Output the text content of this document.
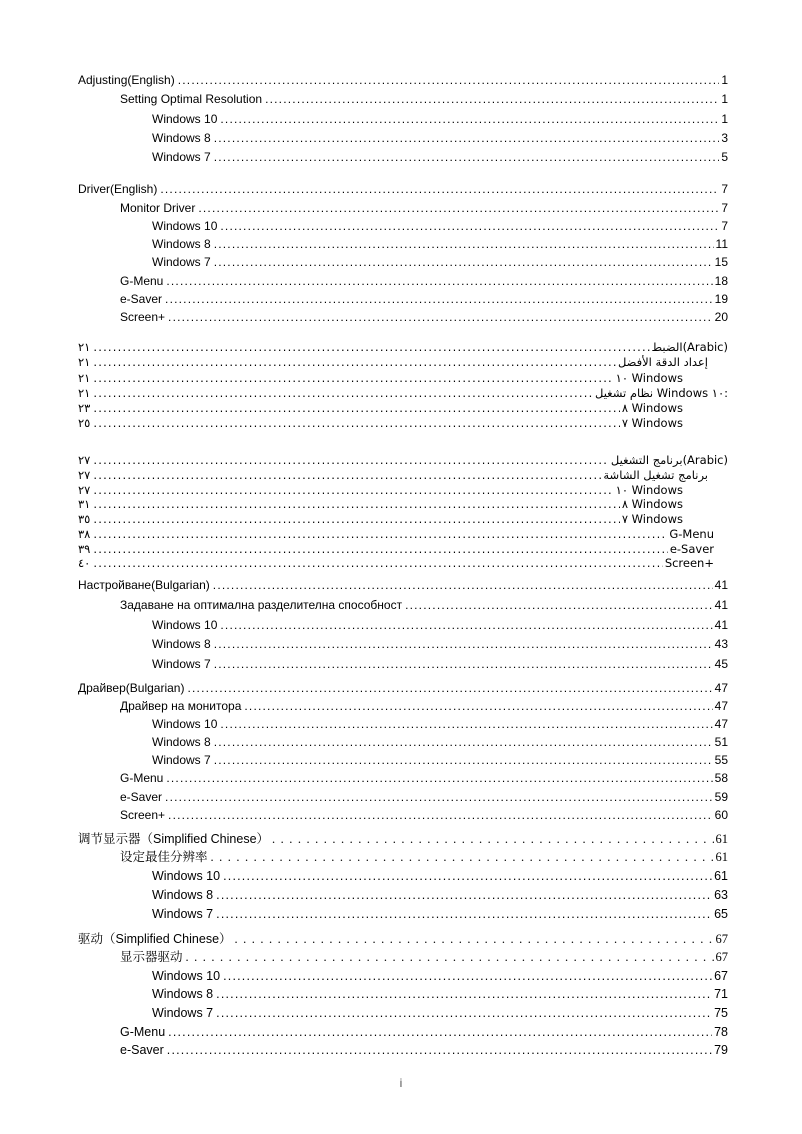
Adjusting(English) .....	1
Setting Optimal Resolution .....	1
Windows 10 .....	1
Windows 8 .....	3
Windows 7 .....	5
Driver(English) .....	7
Monitor Driver .....	7
Windows 10 .....	7
Windows 8 .....	11
Windows 7 .....	15
G-Menu .....	18
e-Saver .....	19
Screen+ .....	20
٢١ .....	الضبط(Arabic)
٢١ .....	إعداد الدقة الأفضل
٢١ .....	١٠ Windows
٢١ .....	نظام تشغيل Windows ١٠:
٢٣ .....	٨ Windows
٢٥ .....	٧ Windows
٢٧ .....	برنامج التشغيل(Arabic)
٢٧ .....	برنامج تشغيل الشاشة
٢٧ .....	١٠ Windows
٣١ .....	٨ Windows
٣٥ .....	٧ Windows
٣٨ .....	G-Menu
٣٩ .....	e-Saver
٤٠ .....	Screen+
Настройване(Bulgarian) .....	41
Задаване на оптимална разделителна способност .....	41
Windows 10 .....	41
Windows 8 .....	43
Windows 7 .....	45
Драйвер(Bulgarian) .....	47
Драйвер на монитора .....	47
Windows 10 .....	47
Windows 8 .....	51
Windows 7 .....	55
G-Menu .....	58
e-Saver .....	59
Screen+ .....	60
调节显示器（Simplified Chinese） .....	61
设定最佳分辨率 .....	61
Windows 10 .....	61
Windows 8 .....	63
Windows 7 .....	65
驱动（Simplified Chinese） .....	67
显示器驱动 .....	67
Windows 10 .....	67
Windows 8 .....	71
Windows 7 .....	75
G-Menu .....	78
e-Saver .....	79
i
